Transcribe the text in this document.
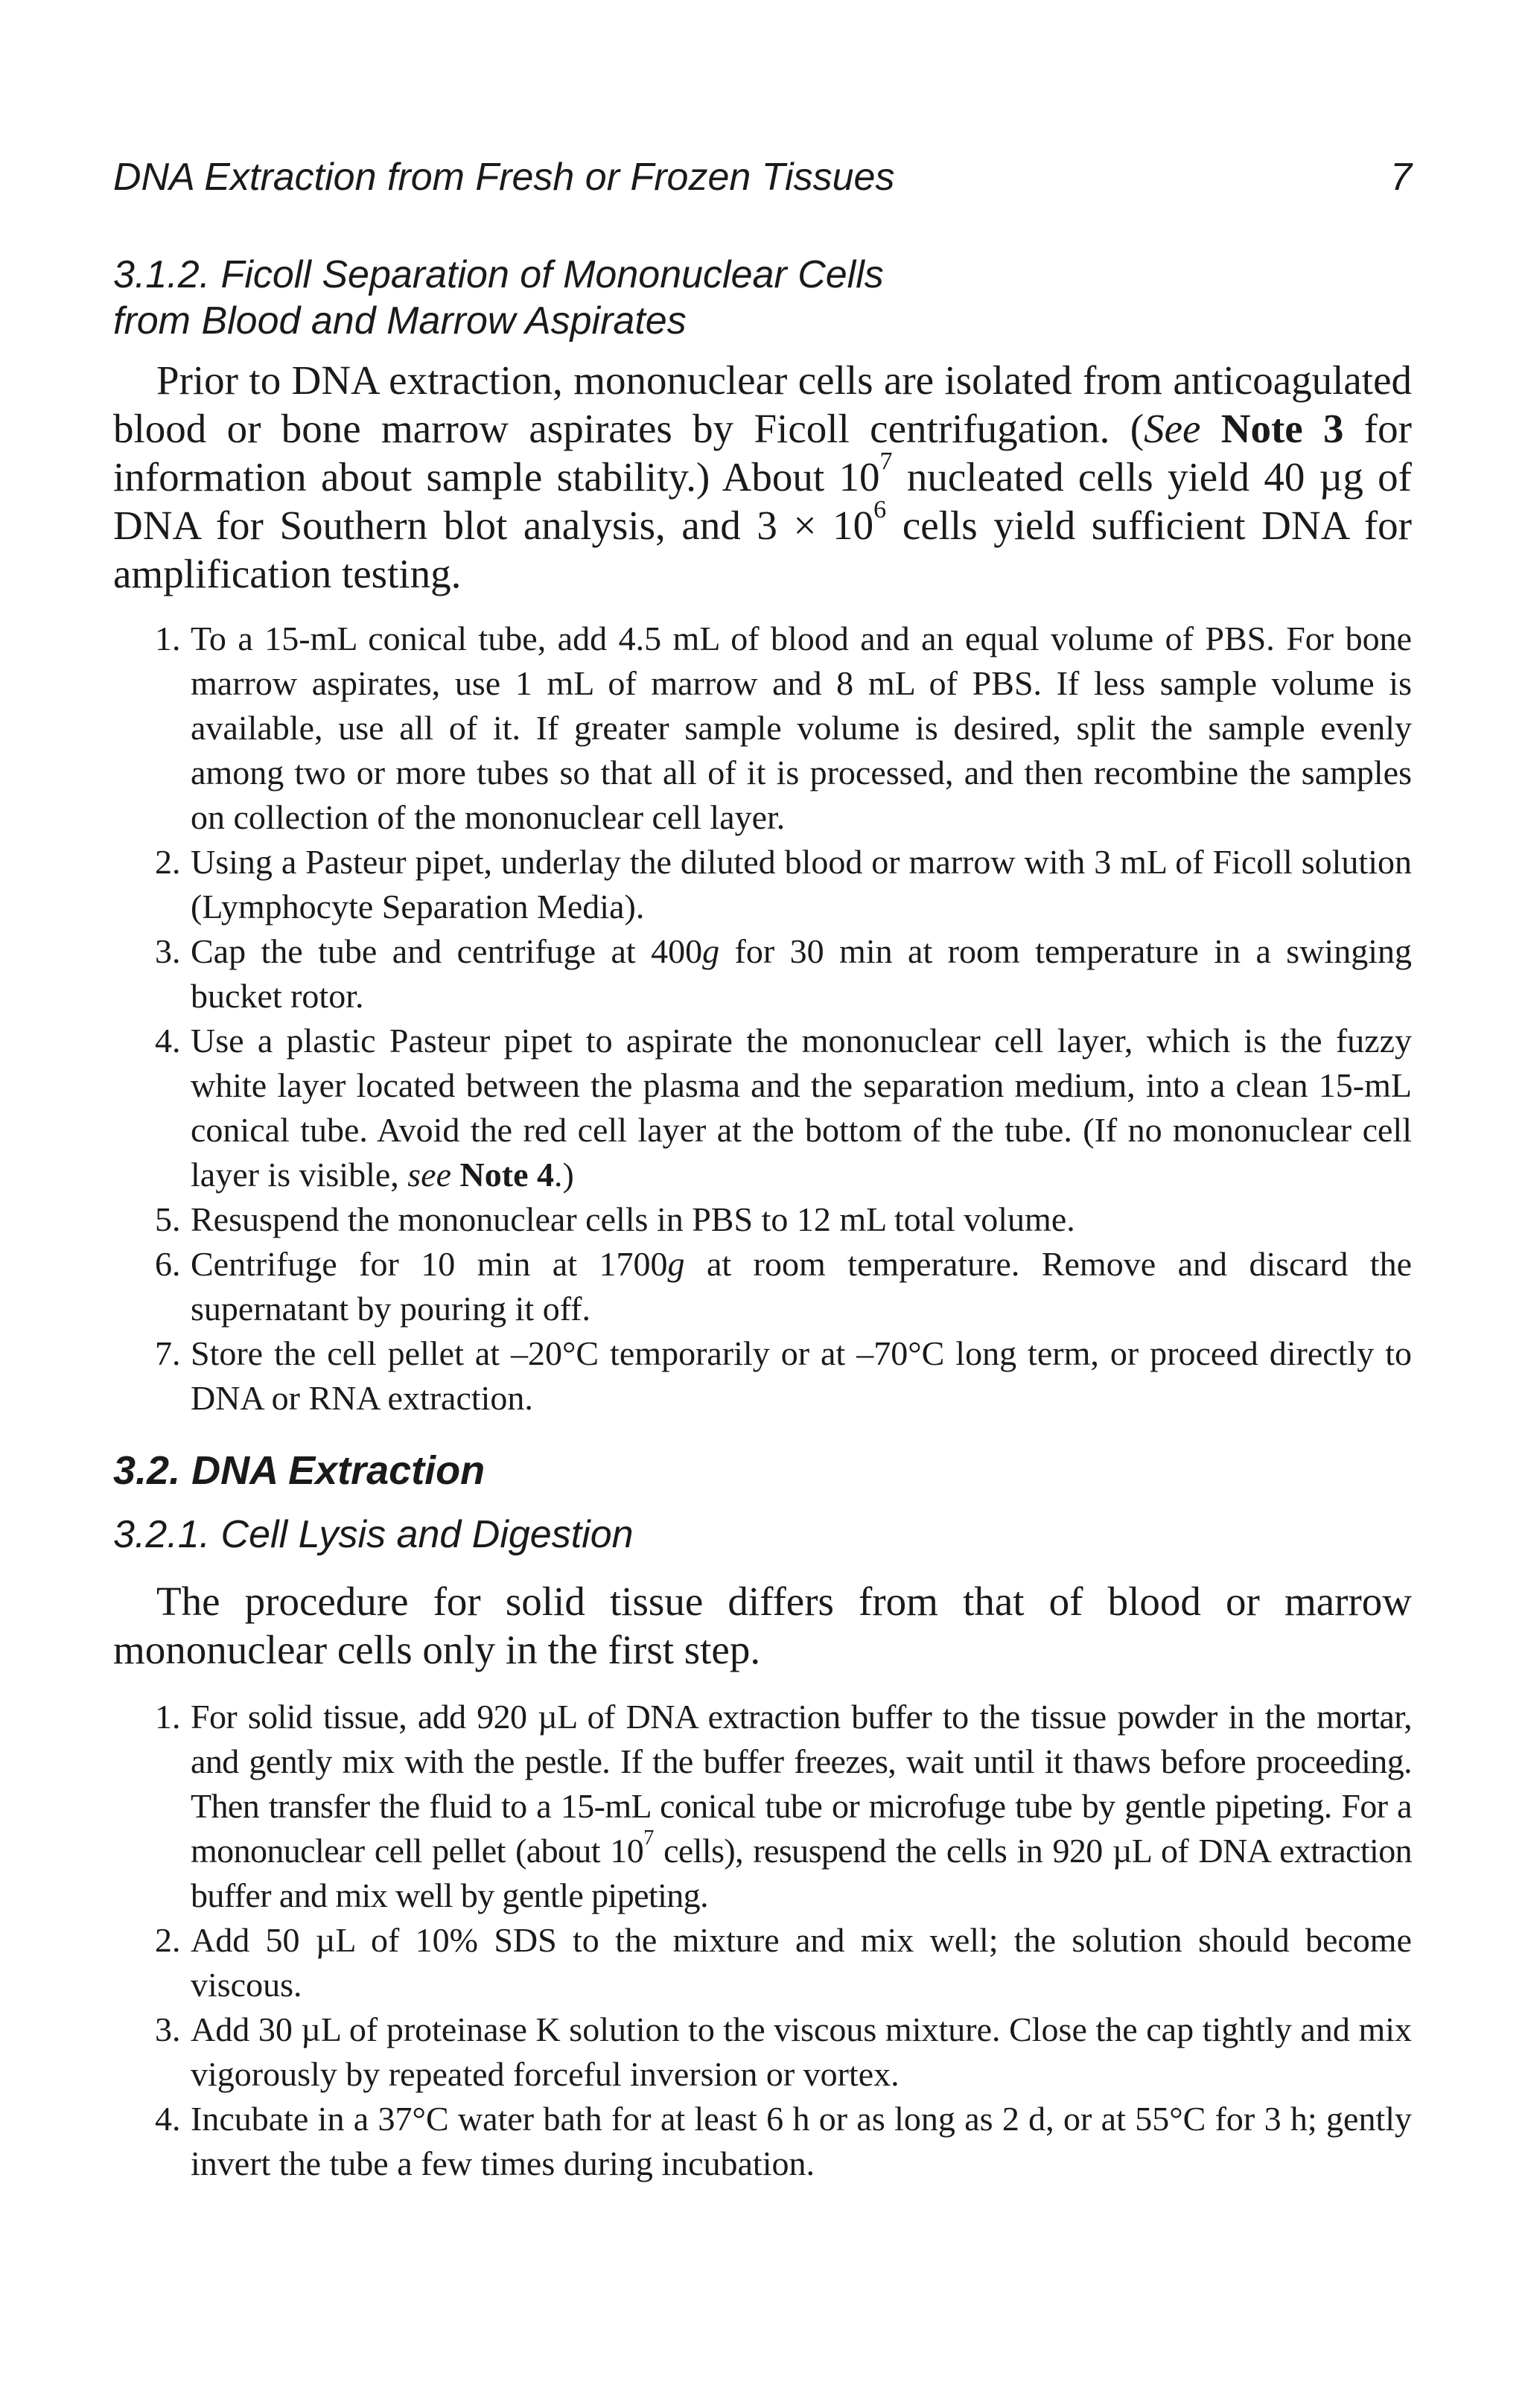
DNA Extraction from Fresh or Frozen Tissues	7
3.1.2. Ficoll Separation of Mononuclear Cells
from Blood and Marrow Aspirates

Prior to DNA extraction, mononuclear cells are isolated from anticoagulated blood or bone marrow aspirates by Ficoll centrifugation. (See Note 3 for information about sample stability.) About $10^7$ nucleated cells yield 40 µg of DNA for Southern blot analysis, and $3 \times 10^6$ cells yield sufficient DNA for amplification testing.

1. To a 15-mL conical tube, add 4.5 mL of blood and an equal volume of PBS. For bone marrow aspirates, use 1 mL of marrow and 8 mL of PBS. If less sample volume is available, use all of it. If greater sample volume is desired, split the sample evenly among two or more tubes so that all of it is processed, and then recombine the samples on collection of the mononuclear cell layer.
2. Using a Pasteur pipet, underlay the diluted blood or marrow with 3 mL of Ficoll solution (Lymphocyte Separation Media).
3. Cap the tube and centrifuge at 400g for 30 min at room temperature in a swinging bucket rotor.
4. Use a plastic Pasteur pipet to aspirate the mononuclear cell layer, which is the fuzzy white layer located between the plasma and the separation medium, into a clean 15-mL conical tube. Avoid the red cell layer at the bottom of the tube. (If no mononuclear cell layer is visible, see Note 4.)
5. Resuspend the mononuclear cells in PBS to 12 mL total volume.
6. Centrifuge for 10 min at 1700g at room temperature. Remove and discard the supernatant by pouring it off.
7. Store the cell pellet at –20°C temporarily or at –70°C long term, or proceed directly to DNA or RNA extraction.
3.2. DNA Extraction
3.2.1. Cell Lysis and Digestion

The procedure for solid tissue differs from that of blood or marrow mononuclear cells only in the first step.

1. For solid tissue, add 920 µL of DNA extraction buffer to the tissue powder in the mortar, and gently mix with the pestle. If the buffer freezes, wait until it thaws before proceeding. Then transfer the fluid to a 15-mL conical tube or microfuge tube by gentle pipeting. For a mononuclear cell pellet (about $10^7$ cells), resuspend the cells in 920 µL of DNA extraction buffer and mix well by gentle pipeting.
2. Add 50 µL of 10% SDS to the mixture and mix well; the solution should become viscous.
3. Add 30 µL of proteinase K solution to the viscous mixture. Close the cap tightly and mix vigorously by repeated forceful inversion or vortex.
4. Incubate in a 37°C water bath for at least 6 h or as long as 2 d, or at 55°C for 3 h; gently invert the tube a few times during incubation.
